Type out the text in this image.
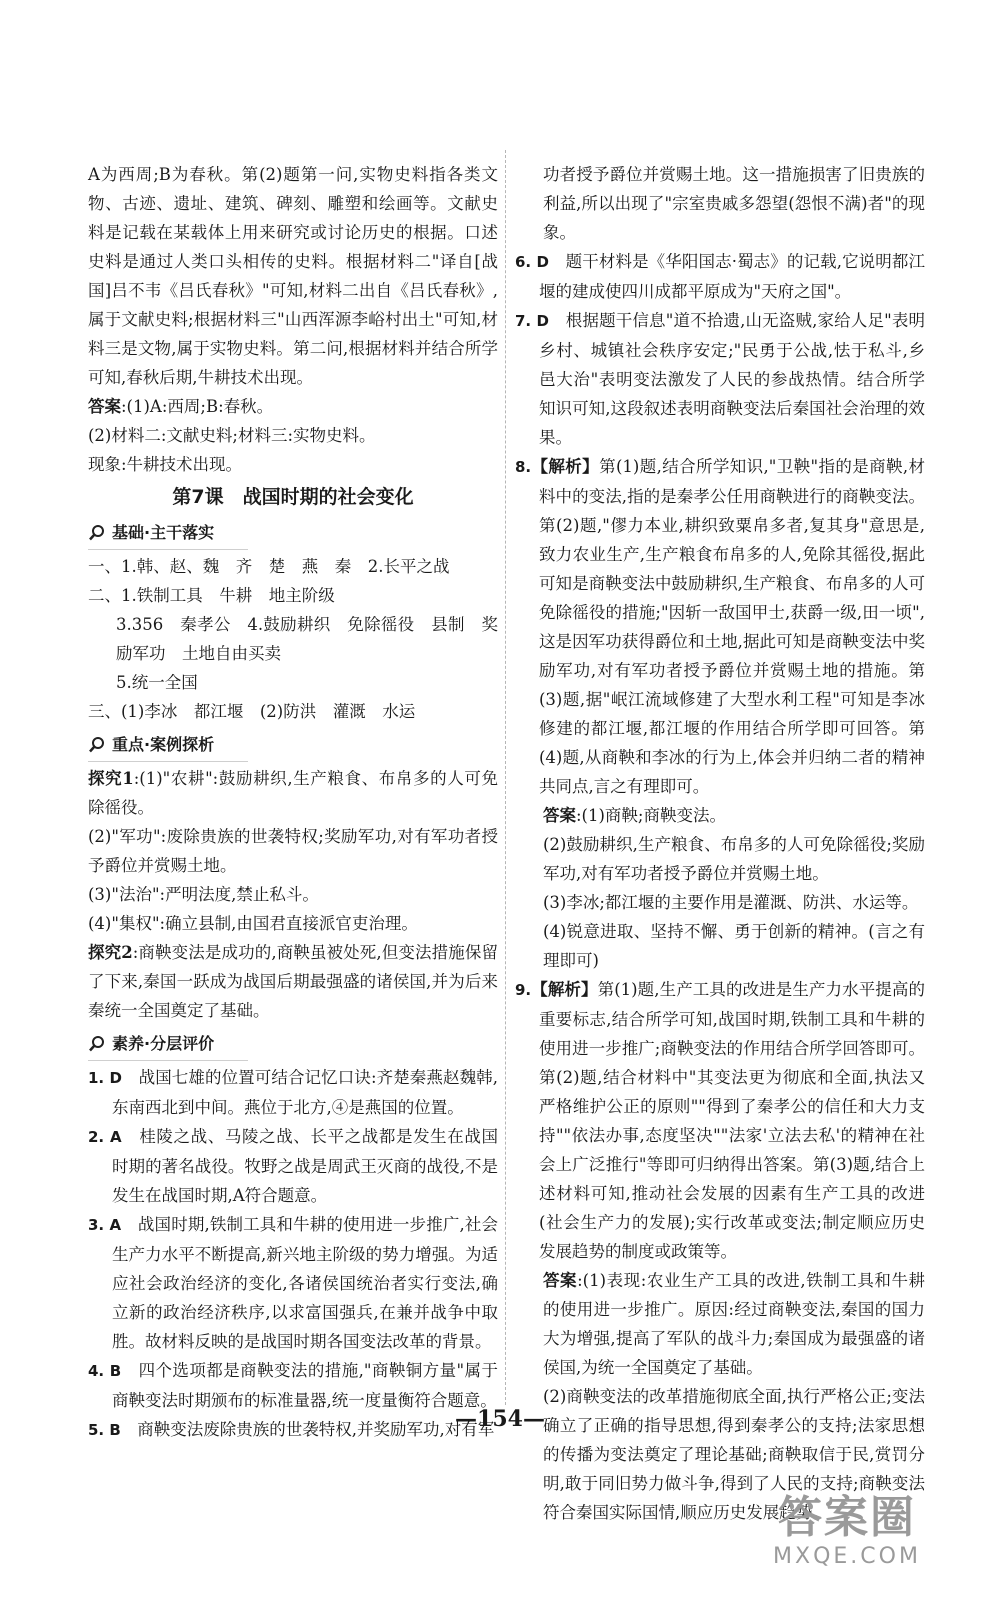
A为西周;B为春秋。第(2)题第一问,实物史料指各类文物、古迹、遗址、建筑、碑刻、雕塑和绘画等。文献史料是记载在某载体上用来研究或讨论历史的根据。口述史料是通过人类口头相传的史料。根据材料二"译自[战国]吕不韦《吕氏春秋》"可知,材料二出自《吕氏春秋》,属于文献史料;根据材料三"山西浑源李峪村出土"可知,材料三是文物,属于实物史料。第二问,根据材料并结合所学可知,春秋后期,牛耕技术出现。

答案:(1)A:西周;B:春秋。

(2)材料二:文献史料;材料三:实物史料。

现象:牛耕技术出现。

第7课　战国时期的社会变化
基础·主干落实

一、1.韩、赵、魏　齐　楚　燕　秦　2.长平之战

二、1.铁制工具　牛耕　地主阶级

3.356　秦孝公　4.鼓励耕织　免除徭役　县制　奖励军功　土地自由买卖

5.统一全国

三、(1)李冰　都江堰　(2)防洪　灌溉　水运

重点·案例探析

探究1:(1)"农耕":鼓励耕织,生产粮食、布帛多的人可免除徭役。

(2)"军功":废除贵族的世袭特权;奖励军功,对有军功者授予爵位并赏赐土地。

(3)"法治":严明法度,禁止私斗。

(4)"集权":确立县制,由国君直接派官吏治理。

探究2:商鞅变法是成功的,商鞅虽被处死,但变法措施保留了下来,秦国一跃成为战国后期最强盛的诸侯国,并为后来秦统一全国奠定了基础。

素养·分层评价

1. D　 战国七雄的位置可结合记忆口诀:齐楚秦燕赵魏韩,东南西北到中间。燕位于北方,④是燕国的位置。

2. A　 桂陵之战、马陵之战、长平之战都是发生在战国时期的著名战役。牧野之战是周武王灭商的战役,不是发生在战国时期,A符合题意。

3. A　 战国时期,铁制工具和牛耕的使用进一步推广,社会生产力水平不断提高,新兴地主阶级的势力增强。为适应社会政治经济的变化,各诸侯国统治者实行变法,确立新的政治经济秩序,以求富国强兵,在兼并战争中取胜。故材料反映的是战国时期各国变法改革的背景。

4. B　 四个选项都是商鞅变法的措施,"商鞅铜方量"属于商鞅变法时期颁布的标准量器,统一度量衡符合题意。

5. B　 商鞅变法废除贵族的世袭特权,并奖励军功,对有军

功者授予爵位并赏赐土地。这一措施损害了旧贵族的利益,所以出现了"宗室贵戚多怨望(怨恨不满)者"的现象。

6. D　 题干材料是《华阳国志·蜀志》的记载,它说明都江堰的建成使四川成都平原成为"天府之国"。

7. D　 根据题干信息"道不拾遗,山无盗贼,家给人足"表明乡村、城镇社会秩序安定;"民勇于公战,怯于私斗,乡邑大治"表明变法激发了人民的参战热情。结合所学知识可知,这段叙述表明商鞅变法后秦国社会治理的效果。

8.【解析】第(1)题,结合所学知识,"卫鞅"指的是商鞅,材料中的变法,指的是秦孝公任用商鞅进行的商鞅变法。第(2)题,"僇力本业,耕织致粟帛多者,复其身"意思是,致力农业生产,生产粮食布帛多的人,免除其徭役,据此可知是商鞅变法中鼓励耕织,生产粮食、布帛多的人可免除徭役的措施;"因斩一敌国甲士,获爵一级,田一顷",这是因军功获得爵位和土地,据此可知是商鞅变法中奖励军功,对有军功者授予爵位并赏赐土地的措施。第(3)题,据"岷江流域修建了大型水利工程"可知是李冰修建的都江堰,都江堰的作用结合所学即可回答。第(4)题,从商鞅和李冰的行为上,体会并归纳二者的精神共同点,言之有理即可。

答案:(1)商鞅;商鞅变法。

(2)鼓励耕织,生产粮食、布帛多的人可免除徭役;奖励军功,对有军功者授予爵位并赏赐土地。

(3)李冰;都江堰的主要作用是灌溉、防洪、水运等。

(4)锐意进取、坚持不懈、勇于创新的精神。(言之有理即可)

9.【解析】第(1)题,生产工具的改进是生产力水平提高的重要标志,结合所学可知,战国时期,铁制工具和牛耕的使用进一步推广;商鞅变法的作用结合所学回答即可。第(2)题,结合材料中"其变法更为彻底和全面,执法又严格维护公正的原则""得到了秦孝公的信任和大力支持""依法办事,态度坚决""法家'立法去私'的精神在社会上广泛推行"等即可归纳得出答案。第(3)题,结合上述材料可知,推动社会发展的因素有生产工具的改进(社会生产力的发展);实行改革或变法;制定顺应历史发展趋势的制度或政策等。

答案:(1)表现:农业生产工具的改进,铁制工具和牛耕的使用进一步推广。原因:经过商鞅变法,秦国的国力大为增强,提高了军队的战斗力;秦国成为最强盛的诸侯国,为统一全国奠定了基础。

(2)商鞅变法的改革措施彻底全面,执行严格公正;变法确立了正确的指导思想,得到秦孝公的支持;法家思想的传播为变法奠定了理论基础;商鞅取信于民,赏罚分明,敢于同旧势力做斗争,得到了人民的支持;商鞅变法符合秦国实际国情,顺应历史发展趋势。

—154—
答案圈
MXQE.COM
